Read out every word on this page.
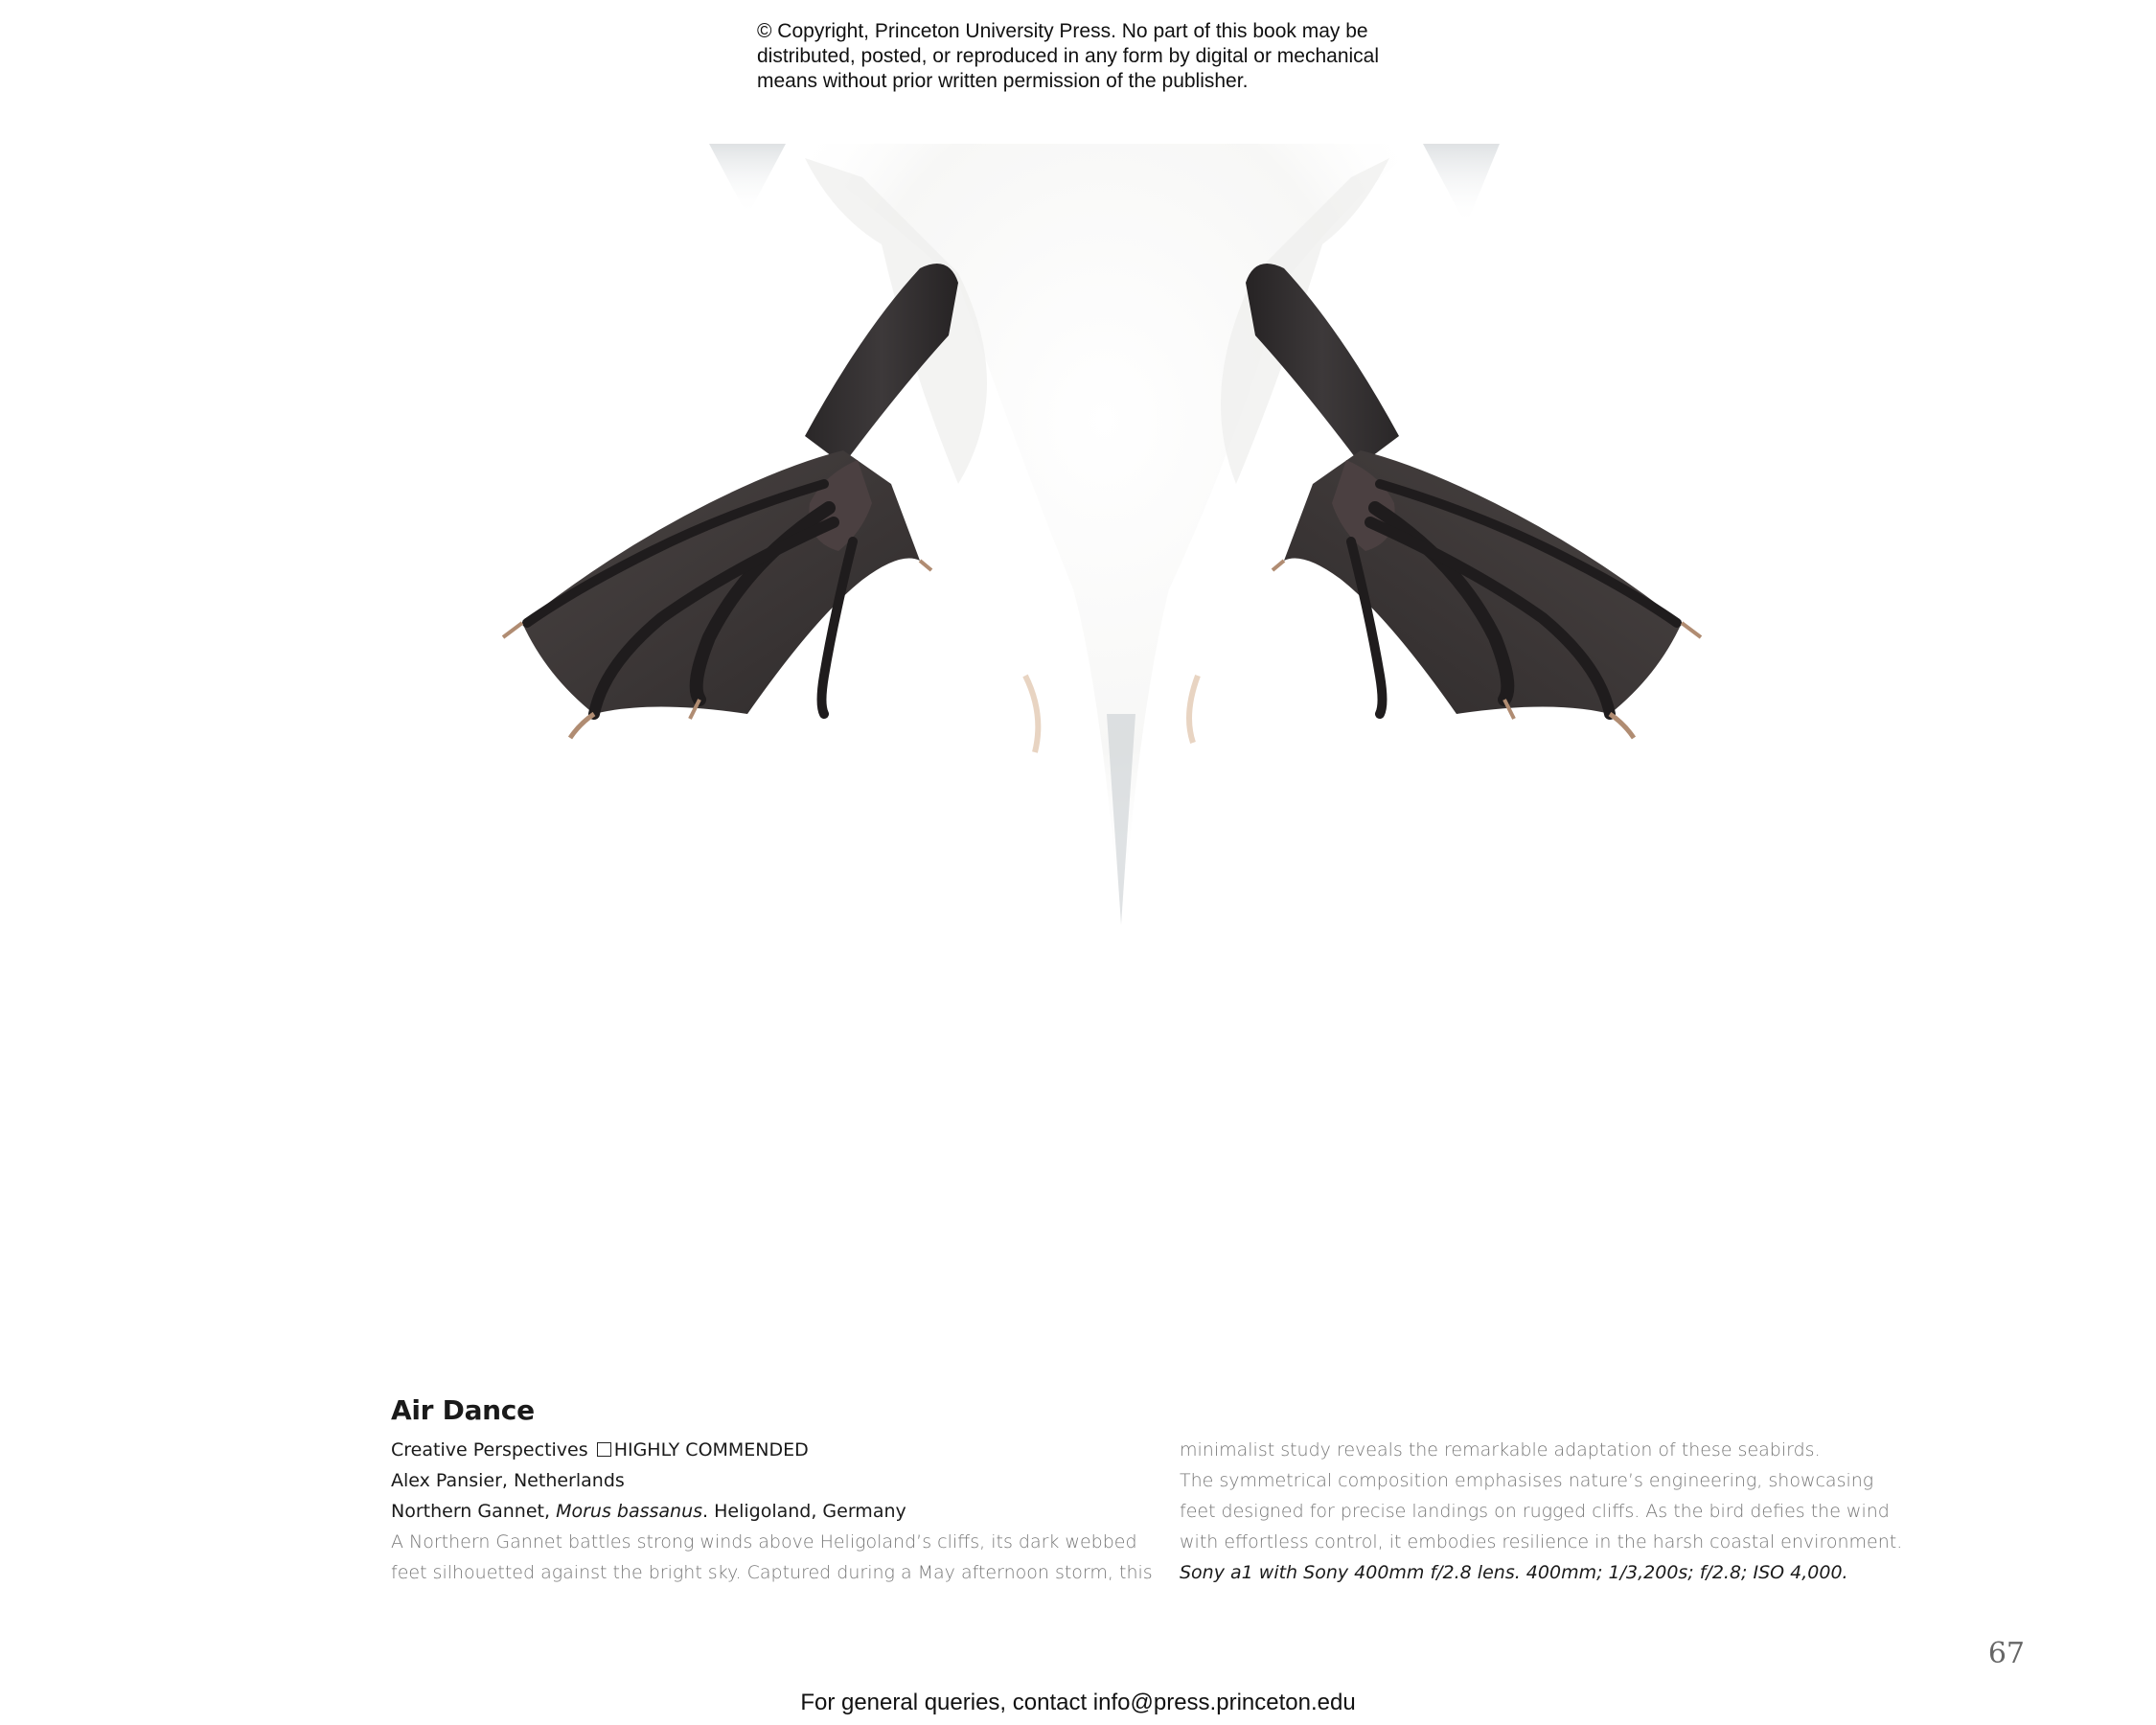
© Copyright, Princeton University Press. No part of this book may be
distributed, posted, or reproduced in any form by digital or mechanical
means without prior written permission of the publisher.
Air Dance
Creative Perspectives HIGHLY COMMENDED
Alex Pansier, Netherlands
Northern Gannet, Morus bassanus. Heligoland, Germany
A Northern Gannet battles strong winds above Heligoland’s cliffs, its dark webbed
feet silhouetted against the bright sky. Captured during a May afternoon storm, this
minimalist study reveals the remarkable adaptation of these seabirds.
The symmetrical composition emphasises nature’s engineering, showcasing
feet designed for precise landings on rugged cliffs. As the bird defies the wind
with effortless control, it embodies resilience in the harsh coastal environment.
Sony a1 with Sony 400mm f/2.8 lens. 400mm; 1/3,200s; f/2.8; ISO 4,000.
67
For general queries, contact info@press.princeton.edu
